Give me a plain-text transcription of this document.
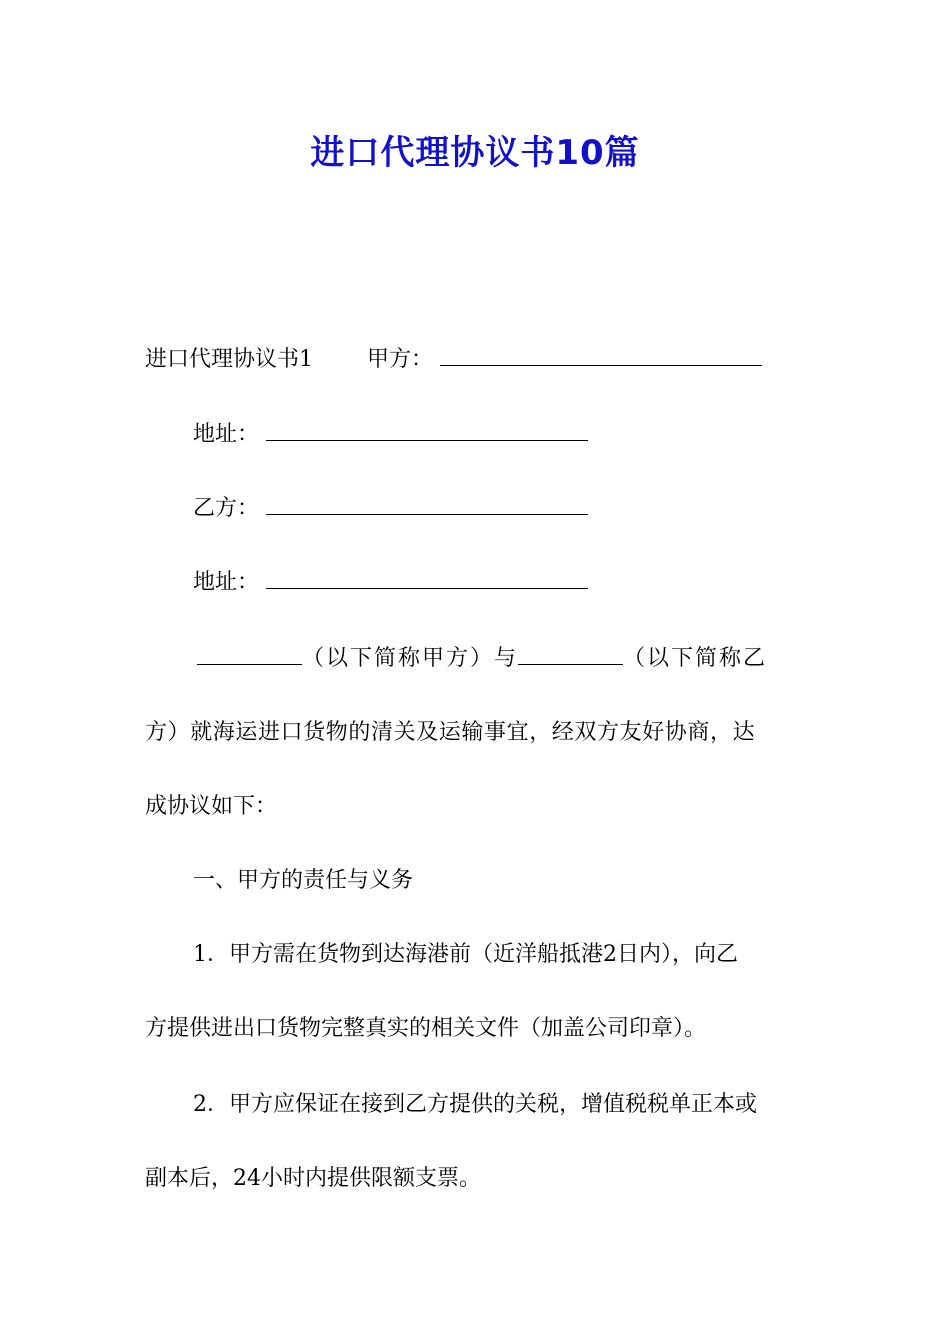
进口代理协议书10篇
进口代理协议书1 甲方：
地址：
乙方：
地址：
（以下简称甲方）与	（以下简称乙
方）就海运进口货物的清关及运输事宜，经双方友好协商，达
成协议如下：
一、甲方的责任与义务
1．甲方需在货物到达海港前（近洋船抵港2日内），向乙
方提供进出口货物完整真实的相关文件（加盖公司印章）。
2．甲方应保证在接到乙方提供的关税，增值税税单正本或
副本后，24小时内提供限额支票。
